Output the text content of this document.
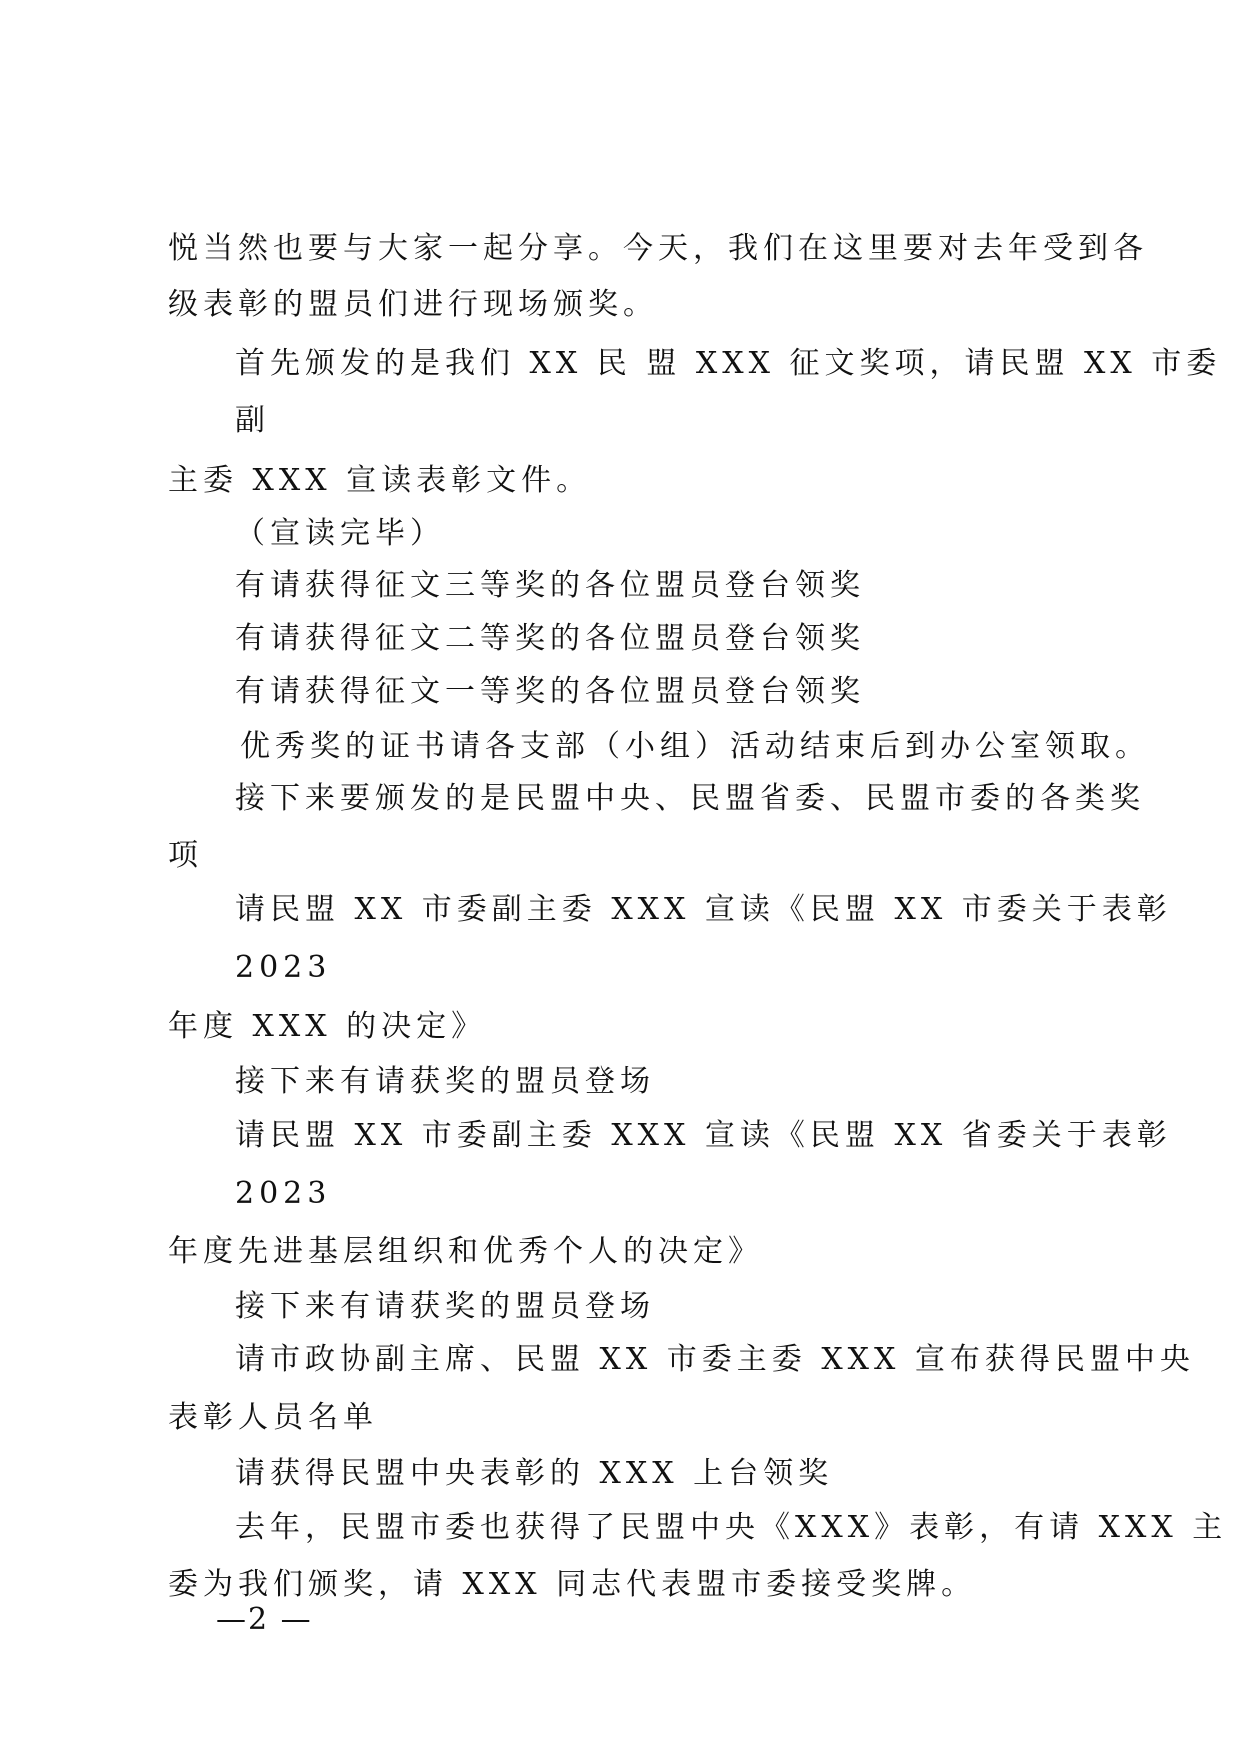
悦当然也要与大家一起分享。今天，我们在这里要对去年受到各
级表彰的盟员们进行现场颁奖。
首先颁发的是我们 XX 民 盟 XXX 征文奖项，请民盟 XX 市委
副
主委 XXX 宣读表彰文件。
（宣读完毕）
有请获得征文三等奖的各位盟员登台领奖
有请获得征文二等奖的各位盟员登台领奖
有请获得征文一等奖的各位盟员登台领奖
优秀奖的证书请各支部（小组）活动结束后到办公室领取。
接下来要颁发的是民盟中央、民盟省委、民盟市委的各类奖
项
请民盟 XX 市委副主委 XXX 宣读《民盟 XX 市委关于表彰
2023
年度 XXX 的决定》
接下来有请获奖的盟员登场
请民盟 XX 市委副主委 XXX 宣读《民盟 XX 省委关于表彰
2023
年度先进基层组织和优秀个人的决定》
接下来有请获奖的盟员登场
请市政协副主席、民盟 XX 市委主委 XXX 宣布获得民盟中央
表彰人员名单
请获得民盟中央表彰的 XXX 上台领奖
去年，民盟市委也获得了民盟中央《XXX》表彰，有请 XXX 主
委为我们颁奖，请 XXX 同志代表盟市委接受奖牌。
—2 —
